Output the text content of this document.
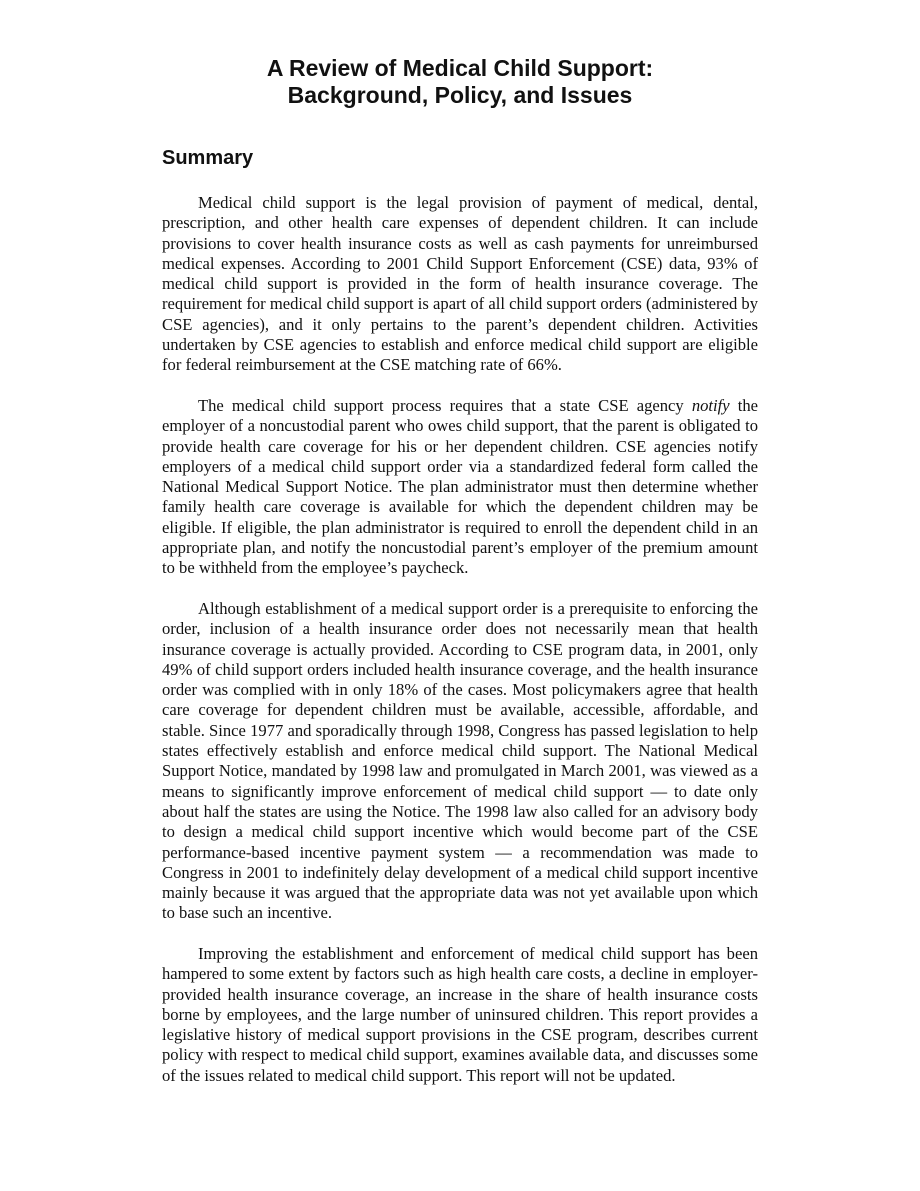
A Review of Medical Child Support:
Background, Policy, and Issues
Summary

Medical child support is the legal provision of payment of medical, dental, prescription, and other health care expenses of dependent children. It can include provisions to cover health insurance costs as well as cash payments for unreimbursed medical expenses. According to 2001 Child Support Enforcement (CSE) data, 93% of medical child support is provided in the form of health insurance coverage. The requirement for medical child support is apart of all child support orders (administered by CSE agencies), and it only pertains to the parent’s dependent children. Activities undertaken by CSE agencies to establish and enforce medical child support are eligible for federal reimbursement at the CSE matching rate of 66%.

The medical child support process requires that a state CSE agency notify the employer of a noncustodial parent who owes child support, that the parent is obligated to provide health care coverage for his or her dependent children. CSE agencies notify employers of a medical child support order via a standardized federal form called the National Medical Support Notice. The plan administrator must then determine whether family health care coverage is available for which the dependent children may be eligible. If eligible, the plan administrator is required to enroll the dependent child in an appropriate plan, and notify the noncustodial parent’s employer of the premium amount to be withheld from the employee’s paycheck.

Although establishment of a medical support order is a prerequisite to enforcing the order, inclusion of a health insurance order does not necessarily mean that health insurance coverage is actually provided. According to CSE program data, in 2001, only 49% of child support orders included health insurance coverage, and the health insurance order was complied with in only 18% of the cases. Most policymakers agree that health care coverage for dependent children must be available, accessible, affordable, and stable. Since 1977 and sporadically through 1998, Congress has passed legislation to help states effectively establish and enforce medical child support. The National Medical Support Notice, mandated by 1998 law and promulgated in March 2001, was viewed as a means to significantly improve enforcement of medical child support — to date only about half the states are using the Notice. The 1998 law also called for an advisory body to design a medical child support incentive which would become part of the CSE performance-based incentive payment system — a recommendation was made to Congress in 2001 to indefinitely delay development of a medical child support incentive mainly because it was argued that the appropriate data was not yet available upon which to base such an incentive.

Improving the establishment and enforcement of medical child support has been hampered to some extent by factors such as high health care costs, a decline in employer-provided health insurance coverage, an increase in the share of health insurance costs borne by employees, and the large number of uninsured children. This report provides a legislative history of medical support provisions in the CSE program, describes current policy with respect to medical child support, examines available data, and discusses some of the issues related to medical child support. This report will not be updated.
